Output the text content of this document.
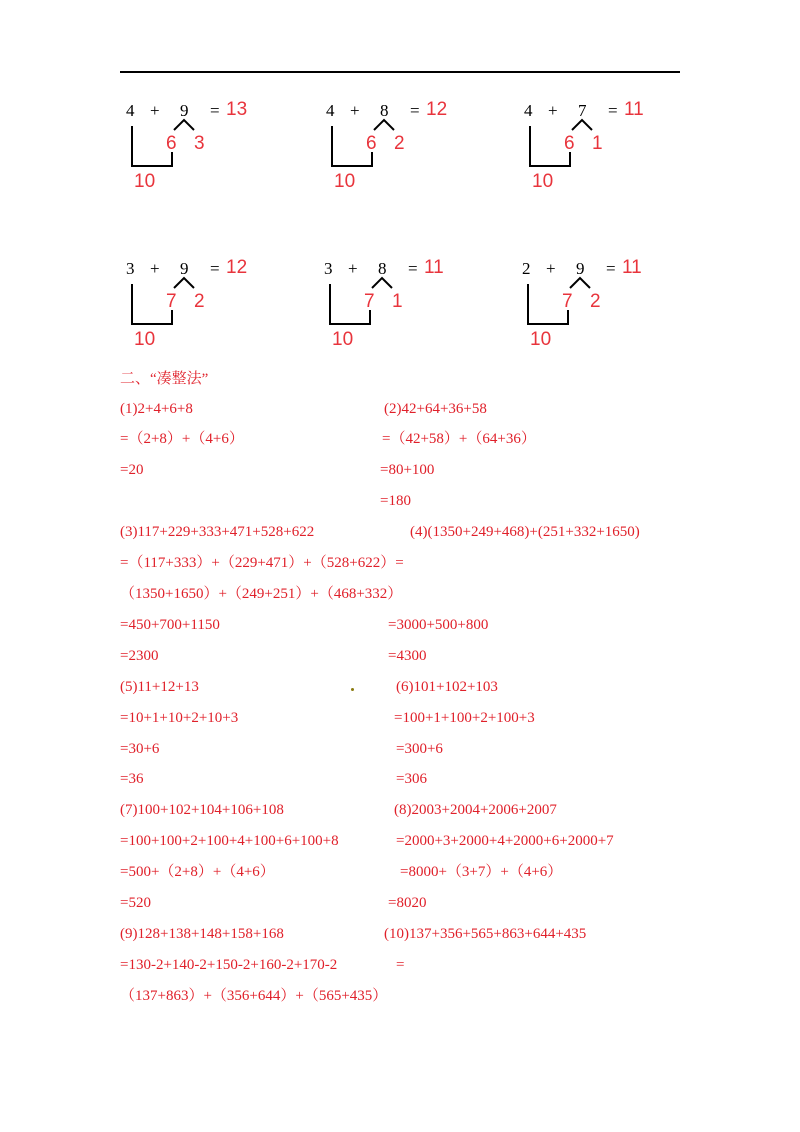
4 + 9 = 13
6 3
10
4 + 8 = 12
6 2
10
4 + 7 = 11
6 1
10
3 + 9 = 12
7 2
10
3 + 8 = 11
7 1
10
2 + 9 = 11
7 2
10
二、“凑整法”
(1)2+4+6+8	(2)42+64+36+58
=（2+8）+（4+6）	=（42+58）+（64+36）
=20	=80+100
=180
(3)117+229+333+471+528+622	(4)(1350+249+468)+(251+332+1650)
=（117+333）+（229+471）+（528+622）=
（1350+1650）+（249+251）+（468+332）
=450+700+1150	=3000+500+800
=2300	=4300
(5)11+12+13	(6)101+102+103
=10+1+10+2+10+3	=100+1+100+2+100+3
=30+6	=300+6
=36	=306
(7)100+102+104+106+108	(8)2003+2004+2006+2007
=100+100+2+100+4+100+6+100+8	=2000+3+2000+4+2000+6+2000+7
=500+（2+8）+（4+6）	=8000+（3+7）+（4+6）
=520	=8020
(9)128+138+148+158+168	(10)137+356+565+863+644+435
=130-2+140-2+150-2+160-2+170-2	=
（137+863）+（356+644）+（565+435）
